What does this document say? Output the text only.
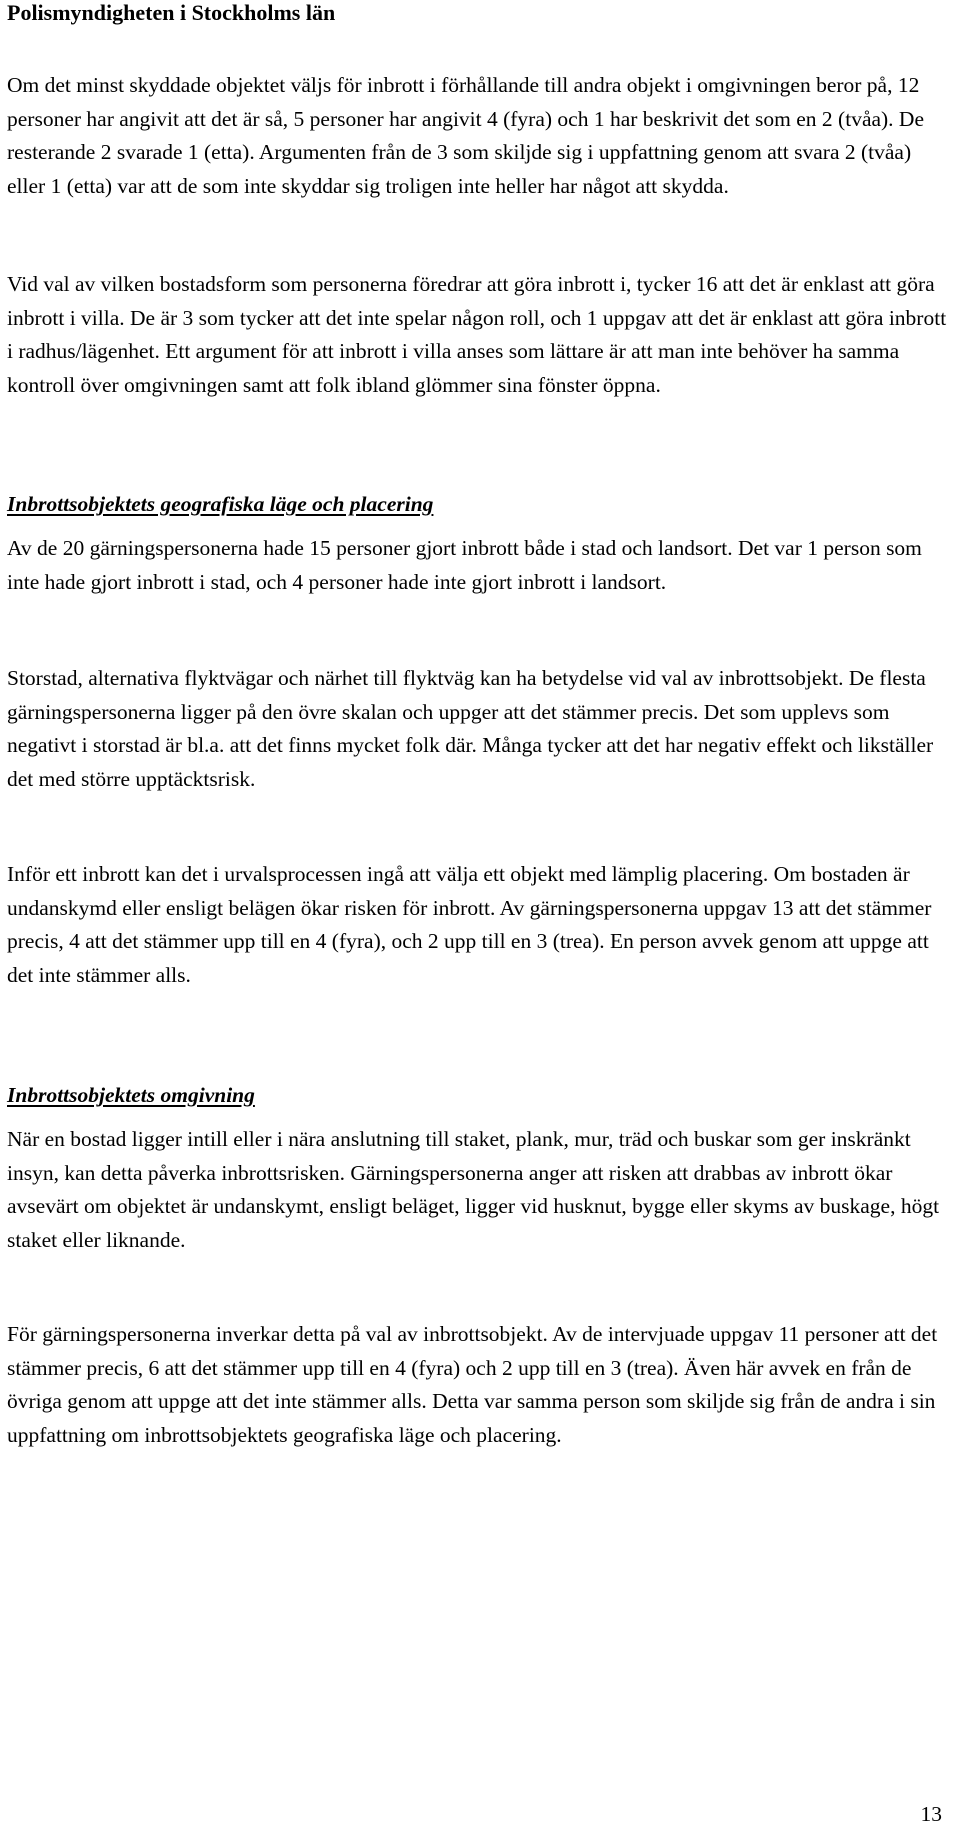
Polismyndigheten i Stockholms län

Om det minst skyddade objektet väljs för inbrott i förhållande till andra objekt i omgivningen beror på, 12 personer har angivit att det är så, 5 personer har angivit 4 (fyra) och 1 har beskrivit det som en 2 (tvåa). De resterande 2 svarade 1 (etta). Argumenten från de 3 som skiljde sig i uppfattning genom att svara 2 (tvåa) eller 1 (etta) var att de som inte skyddar sig troligen inte heller har något att skydda.

Vid val av vilken bostadsform som personerna föredrar att göra inbrott i, tycker 16 att det är enklast att göra inbrott i villa. De är 3 som tycker att det inte spelar någon roll, och 1 uppgav att det är enklast att göra inbrott i radhus/lägenhet. Ett argument för att inbrott i villa anses som lättare är att man inte behöver ha samma kontroll över omgivningen samt att folk ibland glömmer sina fönster öppna.

Inbrottsobjektets geografiska läge och placering

Av de 20 gärningspersonerna hade 15 personer gjort inbrott både i stad och landsort. Det var 1 person som inte hade gjort inbrott i stad, och 4 personer hade inte gjort inbrott i landsort.

Storstad, alternativa flyktvägar och närhet till flyktväg kan ha betydelse vid val av inbrottsobjekt. De flesta gärningspersonerna ligger på den övre skalan och uppger att det stämmer precis. Det som upplevs som negativt i storstad är bl.a. att det finns mycket folk där. Många tycker att det har negativ effekt och likställer det med större upptäcktsrisk.

Inför ett inbrott kan det i urvalsprocessen ingå att välja ett objekt med lämplig placering. Om bostaden är undanskymd eller ensligt belägen ökar risken för inbrott. Av gärningspersonerna uppgav 13 att det stämmer precis, 4 att det stämmer upp till en 4 (fyra), och 2 upp till en 3 (trea). En person avvek genom att uppge att det inte stämmer alls.

Inbrottsobjektets omgivning

När en bostad ligger intill eller i nära anslutning till staket, plank, mur, träd och buskar som ger inskränkt insyn, kan detta påverka inbrottsrisken. Gärningspersonerna anger att risken att drabbas av inbrott ökar avsevärt om objektet är undanskymt, ensligt beläget, ligger vid husknut, bygge eller skyms av buskage, högt staket eller liknande.

För gärningspersonerna inverkar detta på val av inbrottsobjekt. Av de intervjuade uppgav 11 personer att det stämmer precis, 6 att det stämmer upp till en 4 (fyra) och 2 upp till en 3 (trea). Även här avvek en från de övriga genom att uppge att det inte stämmer alls. Detta var samma person som skiljde sig från de andra i sin uppfattning om inbrottsobjektets geografiska läge och placering.

13
